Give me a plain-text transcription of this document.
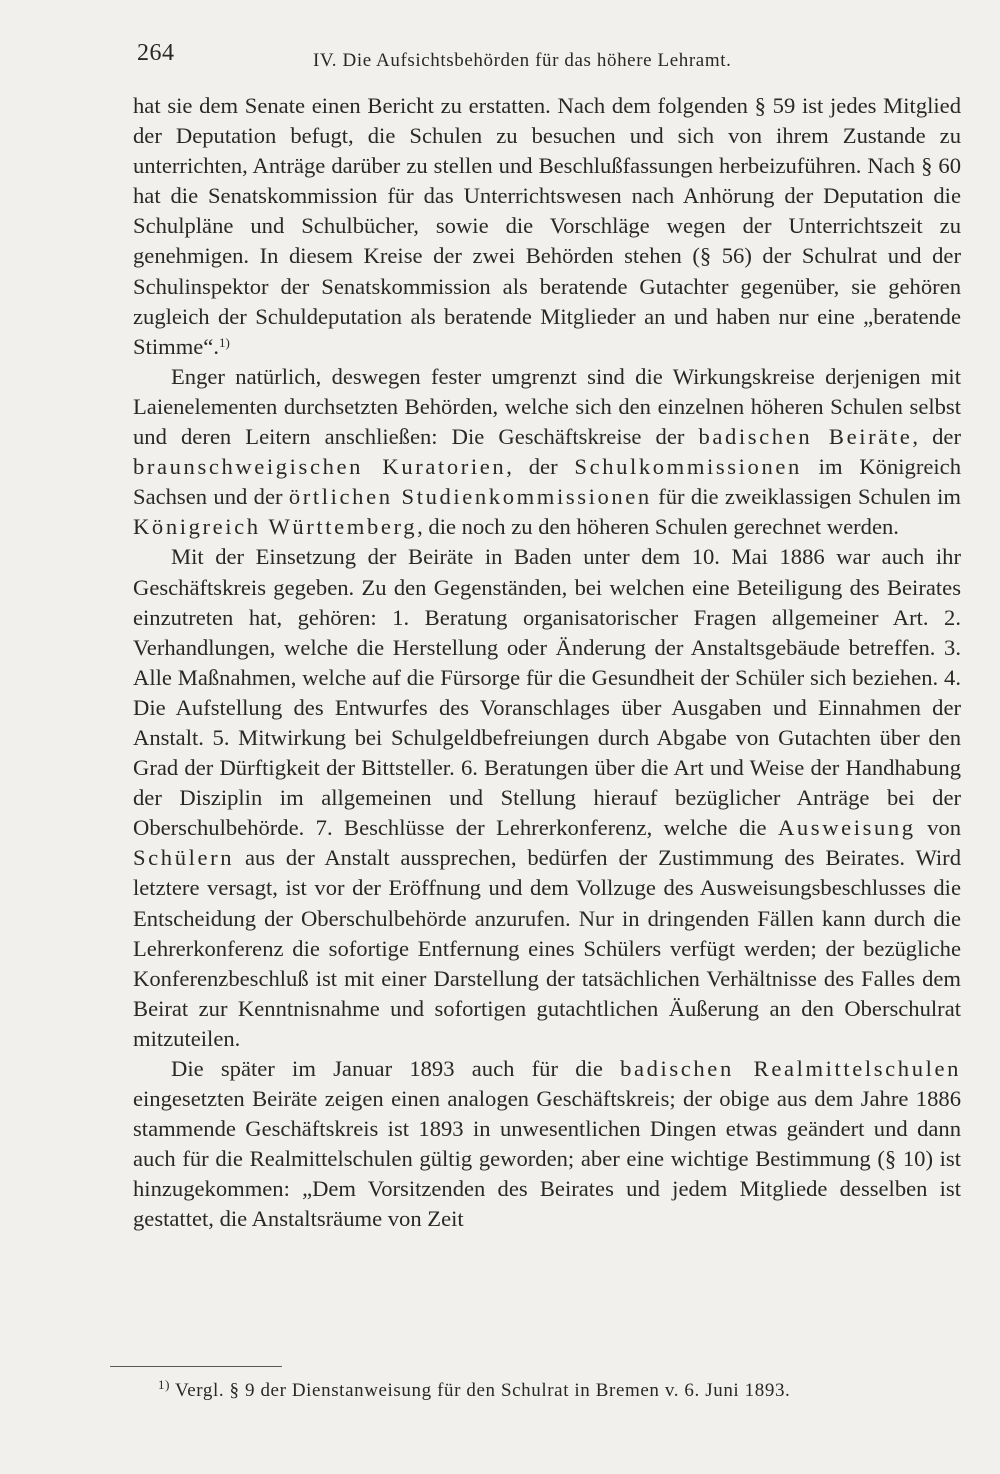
264	IV. Die Aufsichtsbehörden für das höhere Lehramt.

hat sie dem Senate einen Bericht zu erstatten. Nach dem folgenden § 59 ist jedes Mitglied der Deputation befugt, die Schulen zu besuchen und sich von ihrem Zustande zu unterrichten, Anträge darüber zu stellen und Beschlußfassungen herbeizuführen. Nach § 60 hat die Senatskommission für das Unterrichtswesen nach Anhörung der Deputation die Schulpläne und Schulbücher, sowie die Vorschläge wegen der Unterrichtszeit zu genehmigen. In diesem Kreise der zwei Behörden stehen (§ 56) der Schulrat und der Schulinspektor der Senatskommission als beratende Gutachter gegenüber, sie gehören zugleich der Schuldeputation als beratende Mitglieder an und haben nur eine „beratende Stimme“.$^{1)}$

Enger natürlich, deswegen fester umgrenzt sind die Wirkungskreise derjenigen mit Laienelementen durchsetzten Behörden, welche sich den einzelnen höheren Schulen selbst und deren Leitern anschließen: Die Geschäftskreise der badischen Beiräte, der braunschweigischen Kuratorien, der Schulkommissionen im Königreich Sachsen und der örtlichen Studienkommissionen für die zweiklassigen Schulen im Königreich Württemberg, die noch zu den höheren Schulen gerechnet werden.

Mit der Einsetzung der Beiräte in Baden unter dem 10. Mai 1886 war auch ihr Geschäftskreis gegeben. Zu den Gegenständen, bei welchen eine Beteiligung des Beirates einzutreten hat, gehören: 1. Beratung organisatorischer Fragen allgemeiner Art. 2. Verhandlungen, welche die Herstellung oder Änderung der Anstaltsgebäude betreffen. 3. Alle Maßnahmen, welche auf die Fürsorge für die Gesundheit der Schüler sich beziehen. 4. Die Aufstellung des Entwurfes des Voranschlages über Ausgaben und Einnahmen der Anstalt. 5. Mitwirkung bei Schulgeldbefreiungen durch Abgabe von Gutachten über den Grad der Dürftigkeit der Bittsteller. 6. Beratungen über die Art und Weise der Handhabung der Disziplin im allgemeinen und Stellung hierauf bezüglicher Anträge bei der Oberschulbehörde. 7. Beschlüsse der Lehrerkonferenz, welche die Ausweisung von Schülern aus der Anstalt aussprechen, bedürfen der Zustimmung des Beirates. Wird letztere versagt, ist vor der Eröffnung und dem Vollzuge des Ausweisungsbeschlusses die Entscheidung der Oberschulbehörde anzurufen. Nur in dringenden Fällen kann durch die Lehrerkonferenz die sofortige Entfernung eines Schülers verfügt werden; der bezügliche Konferenzbeschluß ist mit einer Darstellung der tatsächlichen Verhältnisse des Falles dem Beirat zur Kenntnisnahme und sofortigen gutachtlichen Äußerung an den Oberschulrat mitzuteilen.

Die später im Januar 1893 auch für die badischen Realmittelschulen eingesetzten Beiräte zeigen einen analogen Geschäftskreis; der obige aus dem Jahre 1886 stammende Geschäftskreis ist 1893 in unwesentlichen Dingen etwas geändert und dann auch für die Realmittelschulen gültig geworden; aber eine wichtige Bestimmung (§ 10) ist hinzugekommen: „Dem Vorsitzenden des Beirates und jedem Mitgliede desselben ist gestattet, die Anstaltsräume von Zeit

$^{1)}$ Vergl. § 9 der Dienstanweisung für den Schulrat in Bremen v. 6. Juni 1893.
